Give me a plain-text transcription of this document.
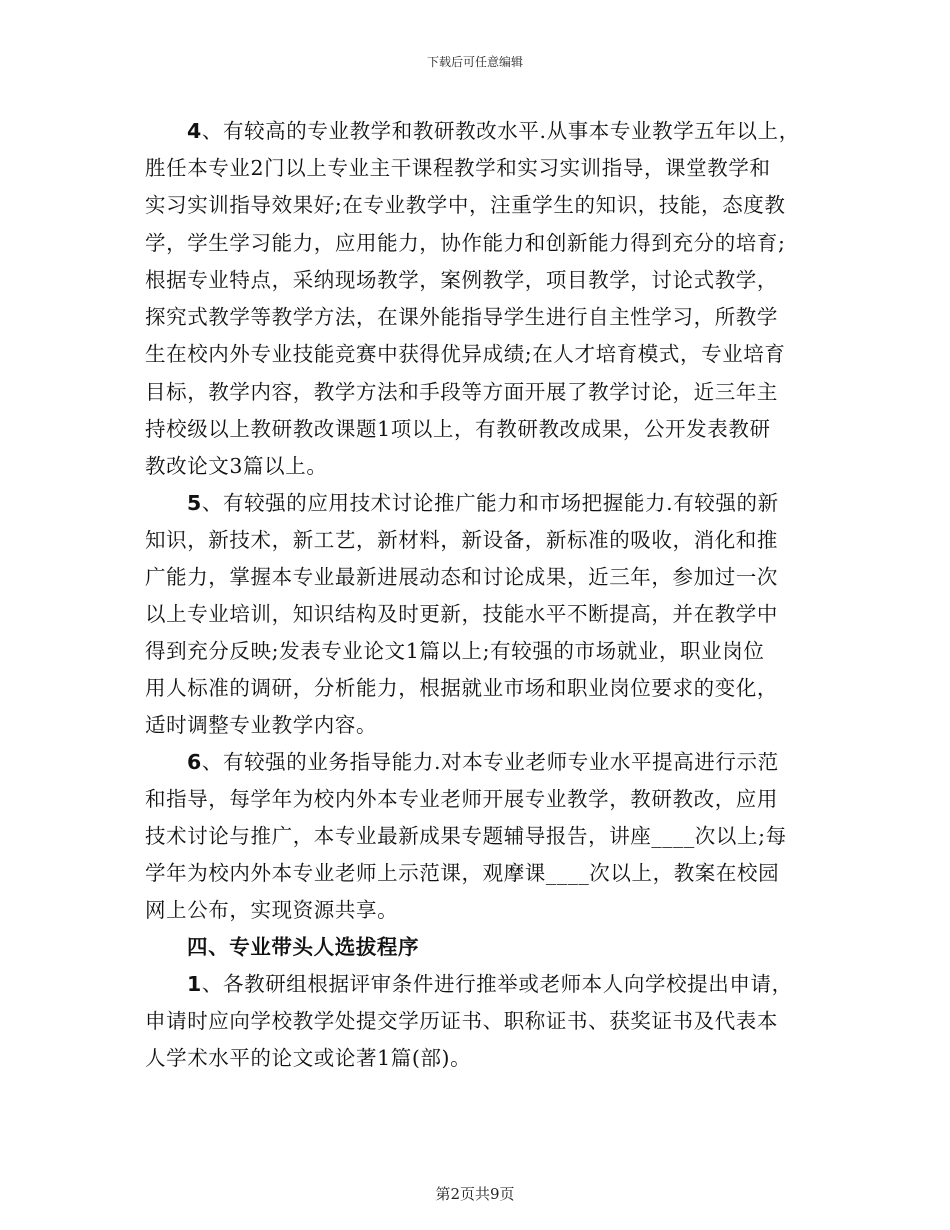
下载后可任意编辑
4、有较高的专业教学和教研教改水平.从事本专业教学五年以上，
胜任本专业2门以上专业主干课程教学和实习实训指导，课堂教学和
实习实训指导效果好;在专业教学中，注重学生的知识，技能，态度教
学，学生学习能力，应用能力，协作能力和创新能力得到充分的培育;
根据专业特点，采纳现场教学，案例教学，项目教学，讨论式教学，
探究式教学等教学方法，在课外能指导学生进行自主性学习，所教学
生在校内外专业技能竞赛中获得优异成绩;在人才培育模式，专业培育
目标，教学内容，教学方法和手段等方面开展了教学讨论，近三年主
持校级以上教研教改课题1项以上，有教研教改成果，公开发表教研
教改论文3篇以上。
5、有较强的应用技术讨论推广能力和市场把握能力.有较强的新
知识，新技术，新工艺，新材料，新设备，新标准的吸收，消化和推
广能力，掌握本专业最新进展动态和讨论成果，近三年，参加过一次
以上专业培训，知识结构及时更新，技能水平不断提高，并在教学中
得到充分反映;发表专业论文1篇以上;有较强的市场就业，职业岗位
用人标准的调研，分析能力，根据就业市场和职业岗位要求的变化，
适时调整专业教学内容。
6、有较强的业务指导能力.对本专业老师专业水平提高进行示范
和指导，每学年为校内外本专业老师开展专业教学，教研教改，应用
技术讨论与推广，本专业最新成果专题辅导报告，讲座____次以上;每
学年为校内外本专业老师上示范课，观摩课____次以上，教案在校园
网上公布，实现资源共享。
四、专业带头人选拔程序
1、各教研组根据评审条件进行推举或老师本人向学校提出申请，
申请时应向学校教学处提交学历证书、职称证书、获奖证书及代表本
人学术水平的论文或论著1篇(部)。
第2页共9页
